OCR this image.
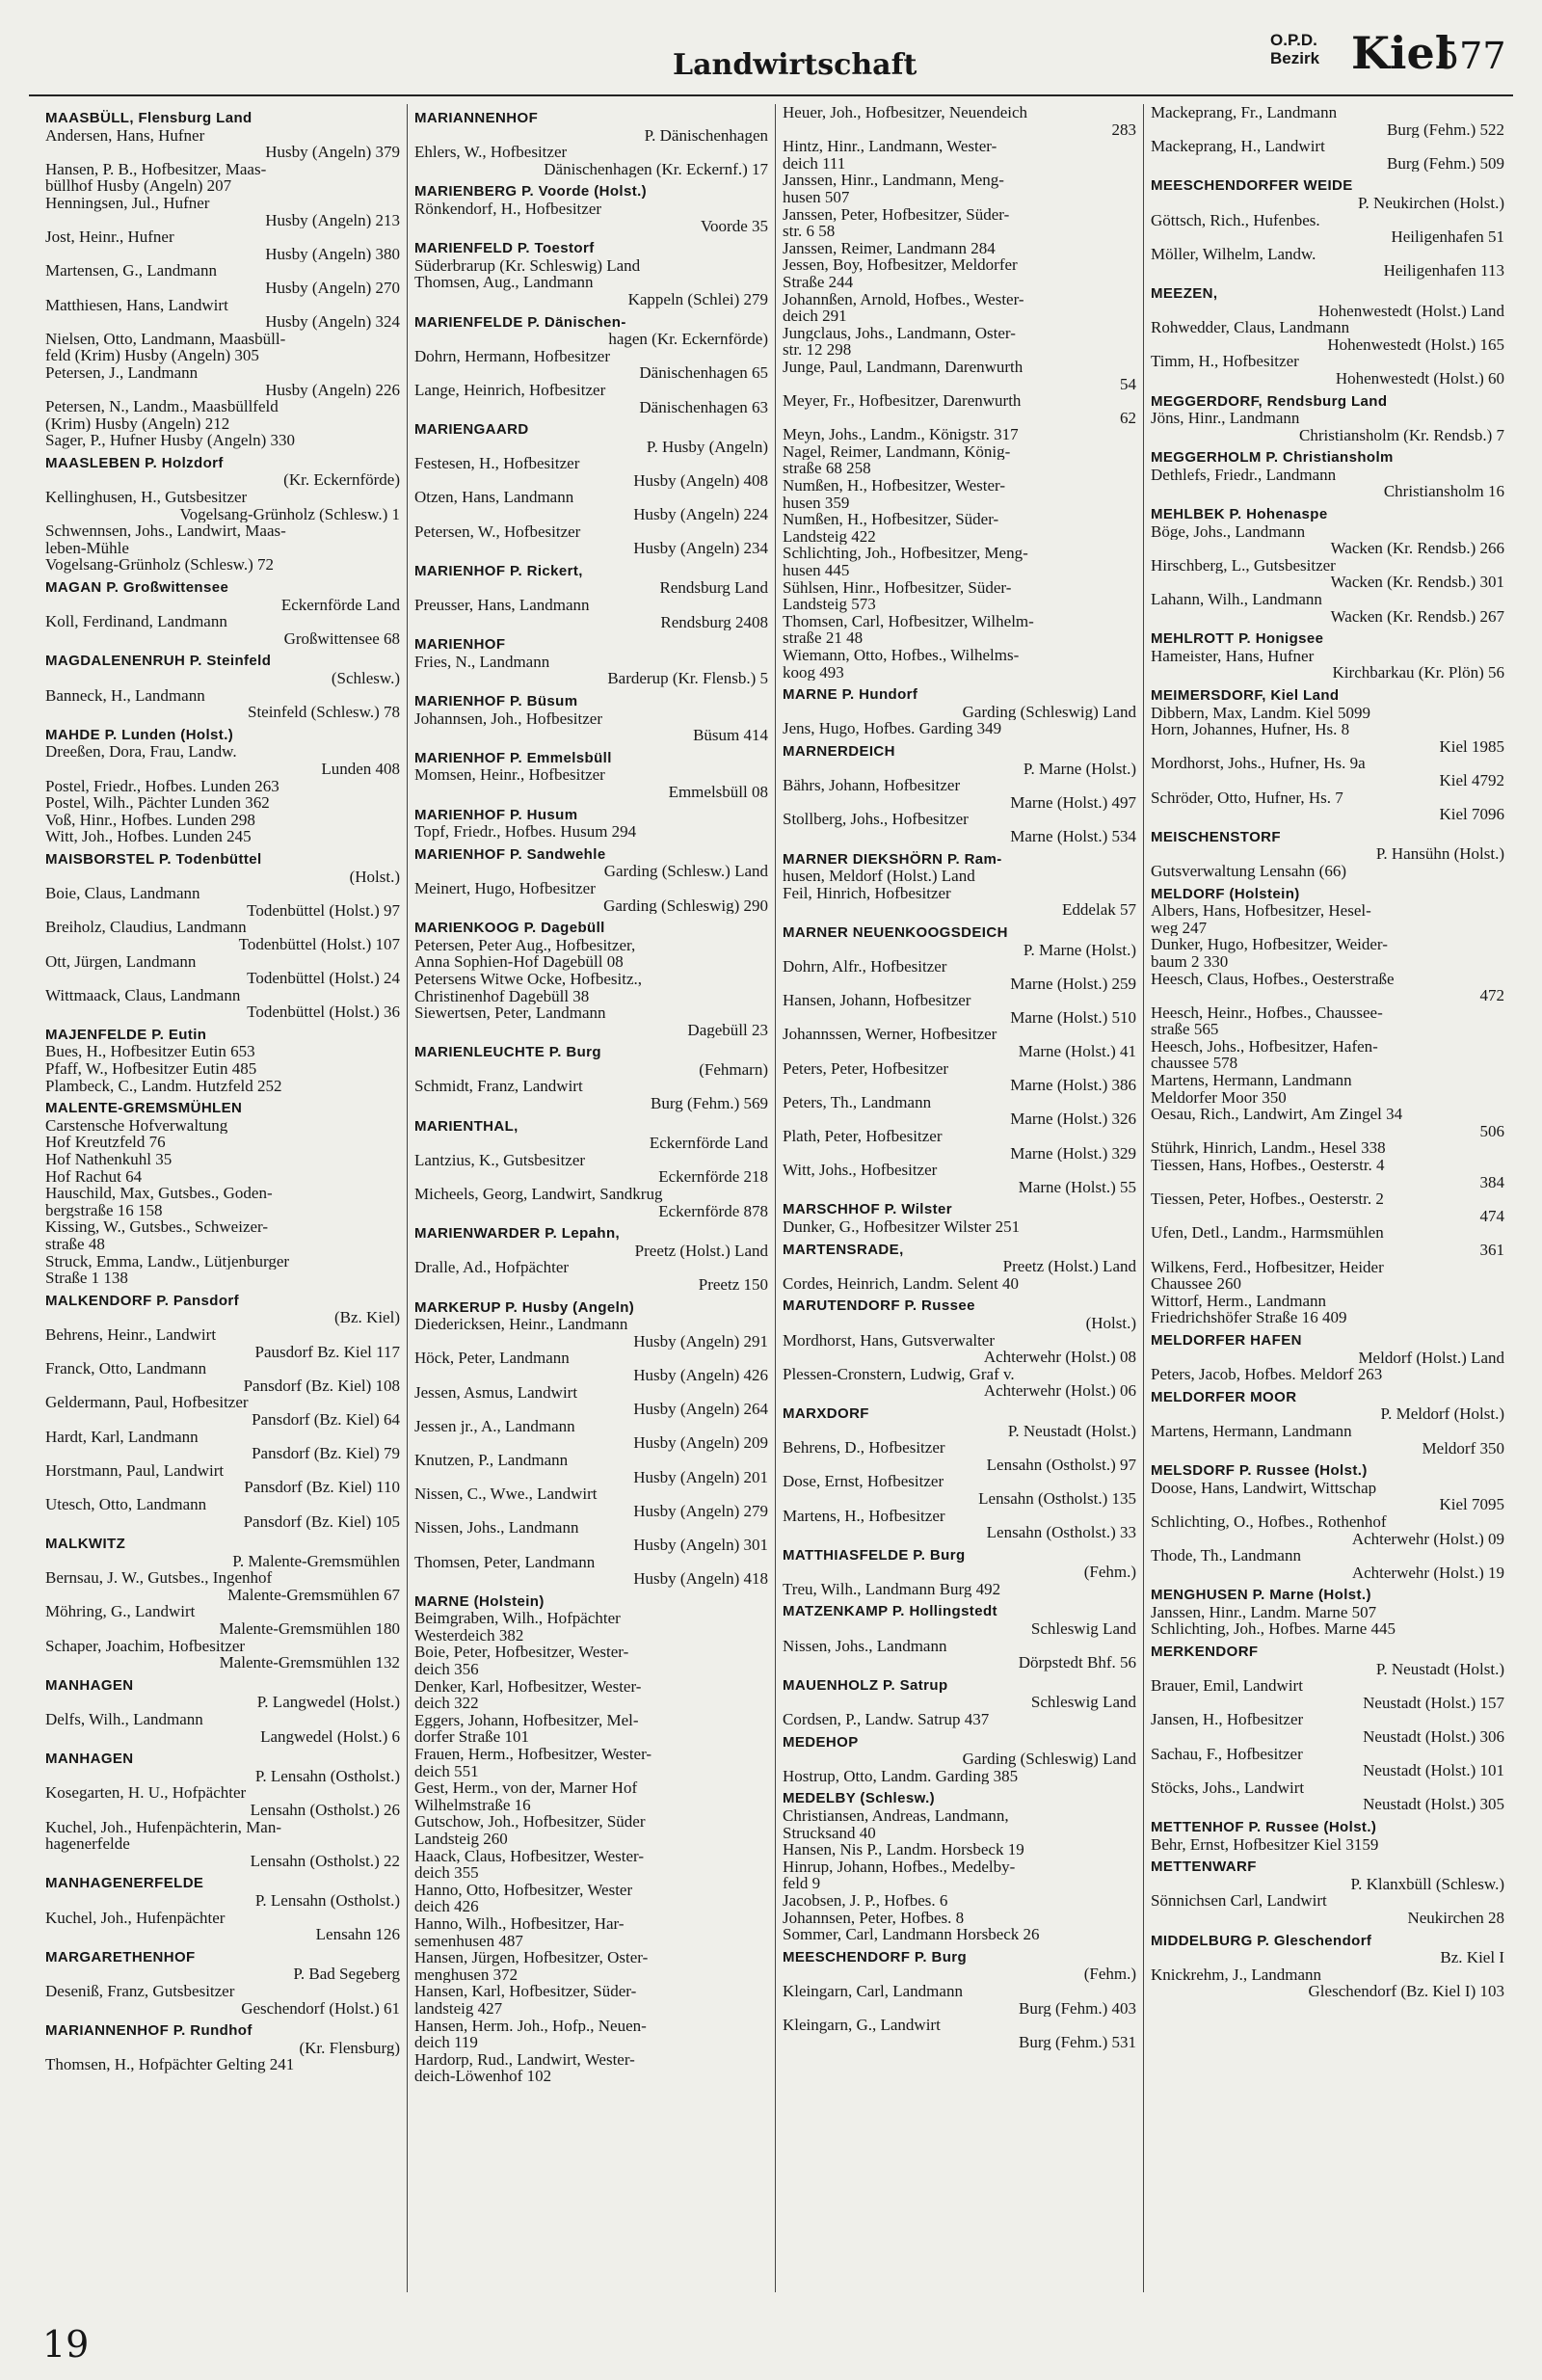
Landwirtschaft
O.P.D.
Bezirk Kiel
577
MAASBÜLL, Flensburg Land
Andersen, Hans, Hufner
Husby (Angeln) 379
Hansen, P. B., Hofbesitzer, Maas-
büllhof Husby (Angeln) 207
Henningsen, Jul., Hufner
Husby (Angeln) 213
Jost, Heinr., Hufner
Husby (Angeln) 380
Martensen, G., Landmann
Husby (Angeln) 270
Matthiesen, Hans, Landwirt
Husby (Angeln) 324
Nielsen, Otto, Landmann, Maasbüll-
feld (Krim) Husby (Angeln) 305
Petersen, J., Landmann
Husby (Angeln) 226
Petersen, N., Landm., Maasbüllfeld
(Krim) Husby (Angeln) 212
Sager, P., Hufner Husby (Angeln) 330
MAASLEBEN P. Holzdorf
(Kr. Eckernförde)
Kellinghusen, H., Gutsbesitzer
Vogelsang-Grünholz (Schlesw.) 1
Schwennsen, Johs., Landwirt, Maas-
leben-Mühle
Vogelsang-Grünholz (Schlesw.) 72
MAGAN P. Großwittensee
Eckernförde Land
Koll, Ferdinand, Landmann
Großwittensee 68
MAGDALENENRUH P. Steinfeld
(Schlesw.)
Banneck, H., Landmann
Steinfeld (Schlesw.) 78
MAHDE P. Lunden (Holst.)
Dreeßen, Dora, Frau, Landw.
Lunden 408
Postel, Friedr., Hofbes. Lunden 263
Postel, Wilh., Pächter Lunden 362
Voß, Hinr., Hofbes. Lunden 298
Witt, Joh., Hofbes. Lunden 245
MAISBORSTEL P. Todenbüttel
(Holst.)
Boie, Claus, Landmann
Todenbüttel (Holst.) 97
Breiholz, Claudius, Landmann
Todenbüttel (Holst.) 107
Ott, Jürgen, Landmann
Todenbüttel (Holst.) 24
Wittmaack, Claus, Landmann
Todenbüttel (Holst.) 36
MAJENFELDE P. Eutin
Bues, H., Hofbesitzer Eutin 653
Pfaff, W., Hofbesitzer Eutin 485
Plambeck, C., Landm. Hutzfeld 252
MALENTE-GREMSMÜHLEN
Carstensche Hofverwaltung
Hof Kreutzfeld 76
Hof Nathenkuhl 35
Hof Rachut 64
Hauschild, Max, Gutsbes., Goden-
bergstraße 16 158
Kissing, W., Gutsbes., Schweizer-
straße 48
Struck, Emma, Landw., Lütjenburger
Straße 1 138
MALKENDORF P. Pansdorf
(Bz. Kiel)
Behrens, Heinr., Landwirt
Pausdorf Bz. Kiel 117
Franck, Otto, Landmann
Pansdorf (Bz. Kiel) 108
Geldermann, Paul, Hofbesitzer
Pansdorf (Bz. Kiel) 64
Hardt, Karl, Landmann
Pansdorf (Bz. Kiel) 79
Horstmann, Paul, Landwirt
Pansdorf (Bz. Kiel) 110
Utesch, Otto, Landmann
Pansdorf (Bz. Kiel) 105
MALKWITZ
P. Malente-Gremsmühlen
Bernsau, J. W., Gutsbes., Ingenhof
Malente-Gremsmühlen 67
Möhring, G., Landwirt
Malente-Gremsmühlen 180
Schaper, Joachim, Hofbesitzer
Malente-Gremsmühlen 132
MANHAGEN
P. Langwedel (Holst.)
Delfs, Wilh., Landmann
Langwedel (Holst.) 6
MANHAGEN
P. Lensahn (Ostholst.)
Kosegarten, H. U., Hofpächter
Lensahn (Ostholst.) 26
Kuchel, Joh., Hufenpächterin, Man-
hagenerfelde
Lensahn (Ostholst.) 22
MANHAGENERFELDE
P. Lensahn (Ostholst.)
Kuchel, Joh., Hufenpächter
Lensahn 126
MARGARETHENHOF
P. Bad Segeberg
Deseniß, Franz, Gutsbesitzer
Geschendorf (Holst.) 61
MARIANNENHOF P. Rundhof
(Kr. Flensburg)
Thomsen, H., Hofpächter Gelting 241
MARIANNENHOF
P. Dänischenhagen
Ehlers, W., Hofbesitzer
Dänischenhagen (Kr. Eckernf.) 17
MARIENBERG P. Voorde (Holst.)
Rönkendorf, H., Hofbesitzer
Voorde 35
MARIENFELD P. Toestorf
Süderbrarup (Kr. Schleswig) Land
Thomsen, Aug., Landmann
Kappeln (Schlei) 279
MARIENFELDE P. Dänischen-
hagen (Kr. Eckernförde)
Dohrn, Hermann, Hofbesitzer
Dänischenhagen 65
Lange, Heinrich, Hofbesitzer
Dänischenhagen 63
MARIENGAARD
P. Husby (Angeln)
Festesen, H., Hofbesitzer
Husby (Angeln) 408
Otzen, Hans, Landmann
Husby (Angeln) 224
Petersen, W., Hofbesitzer
Husby (Angeln) 234
MARIENHOF P. Rickert,
Rendsburg Land
Preusser, Hans, Landmann
Rendsburg 2408
MARIENHOF
Fries, N., Landmann
Barderup (Kr. Flensb.) 5
MARIENHOF P. Büsum
Johannsen, Joh., Hofbesitzer
Büsum 414
MARIENHOF P. Emmelsbüll
Momsen, Heinr., Hofbesitzer
Emmelsbüll 08
MARIENHOF P. Husum
Topf, Friedr., Hofbes. Husum 294
MARIENHOF P. Sandwehle
Garding (Schlesw.) Land
Meinert, Hugo, Hofbesitzer
Garding (Schleswig) 290
MARIENKOOG P. Dagebüll
Petersen, Peter Aug., Hofbesitzer,
Anna Sophien-Hof Dagebüll 08
Petersens Witwe Ocke, Hofbesitz.,
Christinenhof Dagebüll 38
Siewertsen, Peter, Landmann
Dagebüll 23
MARIENLEUCHTE P. Burg
(Fehmarn)
Schmidt, Franz, Landwirt
Burg (Fehm.) 569
MARIENTHAL,
Eckernförde Land
Lantzius, K., Gutsbesitzer
Eckernförde 218
Micheels, Georg, Landwirt, Sandkrug
Eckernförde 878
MARIENWARDER P. Lepahn,
Preetz (Holst.) Land
Dralle, Ad., Hofpächter
Preetz 150
MARKERUP P. Husby (Angeln)
Diedericksen, Heinr., Landmann
Husby (Angeln) 291
Höck, Peter, Landmann
Husby (Angeln) 426
Jessen, Asmus, Landwirt
Husby (Angeln) 264
Jessen jr., A., Landmann
Husby (Angeln) 209
Knutzen, P., Landmann
Husby (Angeln) 201
Nissen, C., Wwe., Landwirt
Husby (Angeln) 279
Nissen, Johs., Landmann
Husby (Angeln) 301
Thomsen, Peter, Landmann
Husby (Angeln) 418
MARNE (Holstein)
Beimgraben, Wilh., Hofpächter
Westerdeich 382
Boie, Peter, Hofbesitzer, Wester-
deich 356
Denker, Karl, Hofbesitzer, Wester-
deich 322
Eggers, Johann, Hofbesitzer, Mel-
dorfer Straße 101
Frauen, Herm., Hofbesitzer, Wester-
deich 551
Gest, Herm., von der, Marner Hof
Wilhelmstraße 16
Gutschow, Joh., Hofbesitzer, Süder
Landsteig 260
Haack, Claus, Hofbesitzer, Wester-
deich 355
Hanno, Otto, Hofbesitzer, Wester
deich 426
Hanno, Wilh., Hofbesitzer, Har-
semenhusen 487
Hansen, Jürgen, Hofbesitzer, Oster-
menghusen 372
Hansen, Karl, Hofbesitzer, Süder-
landsteig 427
Hansen, Herm. Joh., Hofp., Neuen-
deich 119
Hardorp, Rud., Landwirt, Wester-
deich-Löwenhof 102
Heuer, Joh., Hofbesitzer, Neuendeich
283
Hintz, Hinr., Landmann, Wester-
deich 111
Janssen, Hinr., Landmann, Meng-
husen 507
Janssen, Peter, Hofbesitzer, Süder-
str. 6 58
Janssen, Reimer, Landmann 284
Jessen, Boy, Hofbesitzer, Meldorfer
Straße 244
Johannßen, Arnold, Hofbes., Wester-
deich 291
Jungclaus, Johs., Landmann, Oster-
str. 12 298
Junge, Paul, Landmann, Darenwurth
54
Meyer, Fr., Hofbesitzer, Darenwurth
62
Meyn, Johs., Landm., Königstr. 317
Nagel, Reimer, Landmann, König-
straße 68 258
Numßen, H., Hofbesitzer, Wester-
husen 359
Numßen, H., Hofbesitzer, Süder-
Landsteig 422
Schlichting, Joh., Hofbesitzer, Meng-
husen 445
Sühlsen, Hinr., Hofbesitzer, Süder-
Landsteig 573
Thomsen, Carl, Hofbesitzer, Wilhelm-
straße 21 48
Wiemann, Otto, Hofbes., Wilhelms-
koog 493
MARNE P. Hundorf
Garding (Schleswig) Land
Jens, Hugo, Hofbes. Garding 349
MARNERDEICH
P. Marne (Holst.)
Bährs, Johann, Hofbesitzer
Marne (Holst.) 497
Stollberg, Johs., Hofbesitzer
Marne (Holst.) 534
MARNER DIEKSHÖRN P. Ram-
husen, Meldorf (Holst.) Land
Feil, Hinrich, Hofbesitzer
Eddelak 57
MARNER NEUENKOOGSDEICH
P. Marne (Holst.)
Dohrn, Alfr., Hofbesitzer
Marne (Holst.) 259
Hansen, Johann, Hofbesitzer
Marne (Holst.) 510
Johannssen, Werner, Hofbesitzer
Marne (Holst.) 41
Peters, Peter, Hofbesitzer
Marne (Holst.) 386
Peters, Th., Landmann
Marne (Holst.) 326
Plath, Peter, Hofbesitzer
Marne (Holst.) 329
Witt, Johs., Hofbesitzer
Marne (Holst.) 55
MARSCHHOF P. Wilster
Dunker, G., Hofbesitzer Wilster 251
MARTENSRADE,
Preetz (Holst.) Land
Cordes, Heinrich, Landm. Selent 40
MARUTENDORF P. Russee
(Holst.)
Mordhorst, Hans, Gutsverwalter
Achterwehr (Holst.) 08
Plessen-Cronstern, Ludwig, Graf v.
Achterwehr (Holst.) 06
MARXDORF
P. Neustadt (Holst.)
Behrens, D., Hofbesitzer
Lensahn (Ostholst.) 97
Dose, Ernst, Hofbesitzer
Lensahn (Ostholst.) 135
Martens, H., Hofbesitzer
Lensahn (Ostholst.) 33
MATTHIASFELDE P. Burg
(Fehm.)
Treu, Wilh., Landmann Burg 492
MATZENKAMP P. Hollingstedt
Schleswig Land
Nissen, Johs., Landmann
Dörpstedt Bhf. 56
MAUENHOLZ P. Satrup
Schleswig Land
Cordsen, P., Landw. Satrup 437
MEDEHOP
Garding (Schleswig) Land
Hostrup, Otto, Landm. Garding 385
MEDELBY (Schlesw.)
Christiansen, Andreas, Landmann,
Strucksand 40
Hansen, Nis P., Landm. Horsbeck 19
Hinrup, Johann, Hofbes., Medelby-
feld 9
Jacobsen, J. P., Hofbes. 6
Johannsen, Peter, Hofbes. 8
Sommer, Carl, Landmann Horsbeck 26
MEESCHENDORF P. Burg
(Fehm.)
Kleingarn, Carl, Landmann
Burg (Fehm.) 403
Kleingarn, G., Landwirt
Burg (Fehm.) 531
Mackeprang, Fr., Landmann
Burg (Fehm.) 522
Mackeprang, H., Landwirt
Burg (Fehm.) 509
MEESCHENDORFER WEIDE
P. Neukirchen (Holst.)
Göttsch, Rich., Hufenbes.
Heiligenhafen 51
Möller, Wilhelm, Landw.
Heiligenhafen 113
MEEZEN,
Hohenwestedt (Holst.) Land
Rohwedder, Claus, Landmann
Hohenwestedt (Holst.) 165
Timm, H., Hofbesitzer
Hohenwestedt (Holst.) 60
MEGGERDORF, Rendsburg Land
Jöns, Hinr., Landmann
Christiansholm (Kr. Rendsb.) 7
MEGGERHOLM P. Christiansholm
Dethlefs, Friedr., Landmann
Christiansholm 16
MEHLBEK P. Hohenaspe
Böge, Johs., Landmann
Wacken (Kr. Rendsb.) 266
Hirschberg, L., Gutsbesitzer
Wacken (Kr. Rendsb.) 301
Lahann, Wilh., Landmann
Wacken (Kr. Rendsb.) 267
MEHLROTT P. Honigsee
Hameister, Hans, Hufner
Kirchbarkau (Kr. Plön) 56
MEIMERSDORF, Kiel Land
Dibbern, Max, Landm. Kiel 5099
Horn, Johannes, Hufner, Hs. 8
Kiel 1985
Mordhorst, Johs., Hufner, Hs. 9a
Kiel 4792
Schröder, Otto, Hufner, Hs. 7
Kiel 7096
MEISCHENSTORF
P. Hansühn (Holst.)
Gutsverwaltung Lensahn (66)
MELDORF (Holstein)
Albers, Hans, Hofbesitzer, Hesel-
weg 247
Dunker, Hugo, Hofbesitzer, Weider-
baum 2 330
Heesch, Claus, Hofbes., Oesterstraße
472
Heesch, Heinr., Hofbes., Chaussee-
straße 565
Heesch, Johs., Hofbesitzer, Hafen-
chaussee 578
Martens, Hermann, Landmann
Meldorfer Moor 350
Oesau, Rich., Landwirt, Am Zingel 34
506
Stührk, Hinrich, Landm., Hesel 338
Tiessen, Hans, Hofbes., Oesterstr. 4
384
Tiessen, Peter, Hofbes., Oesterstr. 2
474
Ufen, Detl., Landm., Harmsmühlen
361
Wilkens, Ferd., Hofbesitzer, Heider
Chaussee 260
Wittorf, Herm., Landmann
Friedrichshöfer Straße 16 409
MELDORFER HAFEN
Meldorf (Holst.) Land
Peters, Jacob, Hofbes. Meldorf 263
MELDORFER MOOR
P. Meldorf (Holst.)
Martens, Hermann, Landmann
Meldorf 350
MELSDORF P. Russee (Holst.)
Doose, Hans, Landwirt, Wittschap
Kiel 7095
Schlichting, O., Hofbes., Rothenhof
Achterwehr (Holst.) 09
Thode, Th., Landmann
Achterwehr (Holst.) 19
MENGHUSEN P. Marne (Holst.)
Janssen, Hinr., Landm. Marne 507
Schlichting, Joh., Hofbes. Marne 445
MERKENDORF
P. Neustadt (Holst.)
Brauer, Emil, Landwirt
Neustadt (Holst.) 157
Jansen, H., Hofbesitzer
Neustadt (Holst.) 306
Sachau, F., Hofbesitzer
Neustadt (Holst.) 101
Stöcks, Johs., Landwirt
Neustadt (Holst.) 305
METTENHOF P. Russee (Holst.)
Behr, Ernst, Hofbesitzer Kiel 3159
METTENWARF
P. Klanxbüll (Schlesw.)
Sönnichsen Carl, Landwirt
Neukirchen 28
MIDDELBURG P. Gleschendorf
Bz. Kiel I
Knickrehm, J., Landmann
Gleschendorf (Bz. Kiel I) 103
19
